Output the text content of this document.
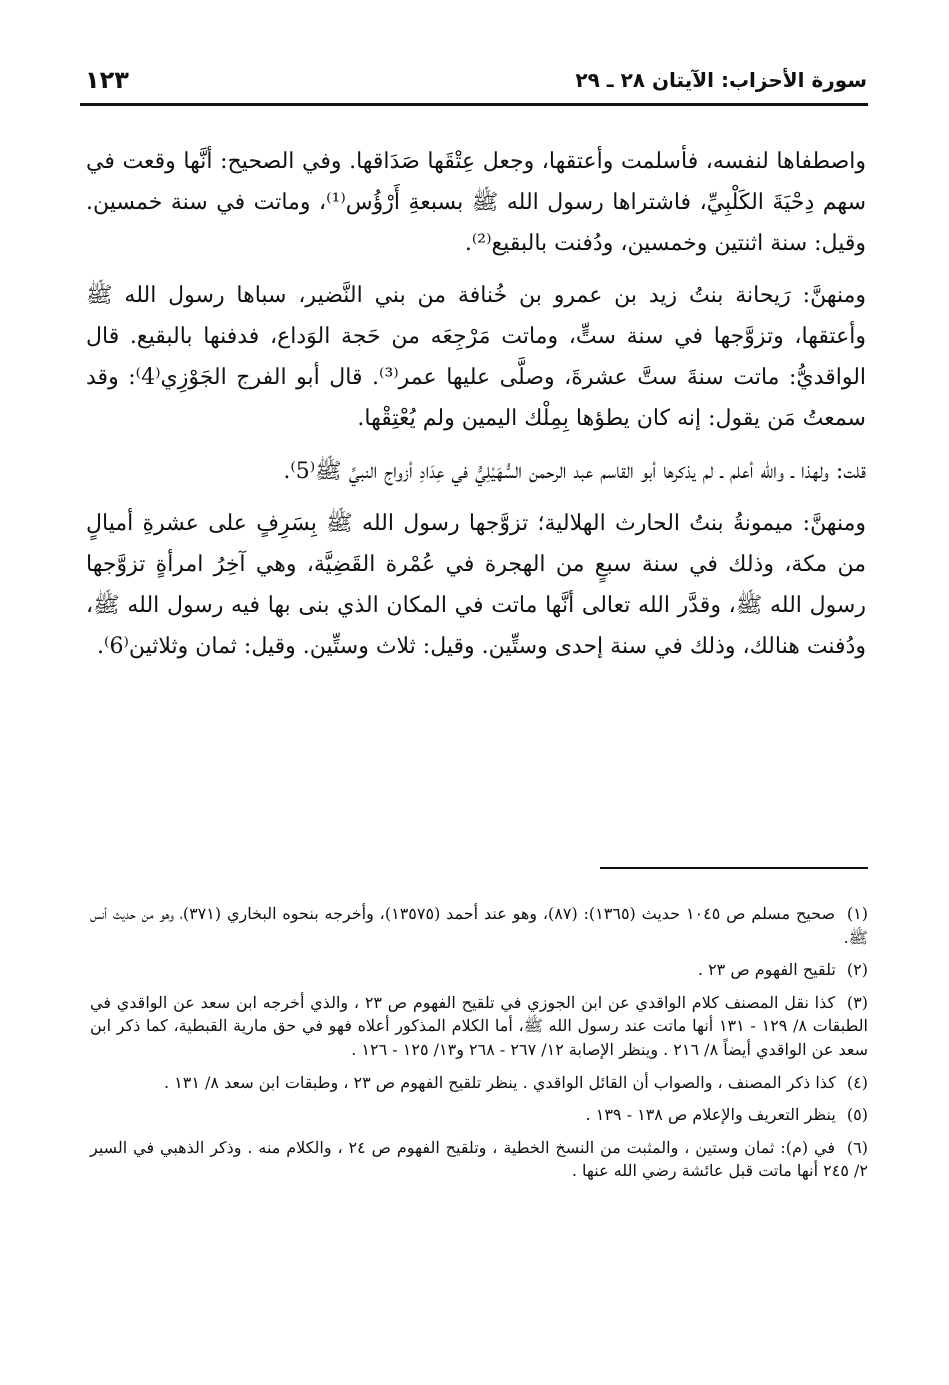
سورة الأحزاب: الآيتان ٢٨ ـ ٢٩
١٢٣

واصطفاها لنفسه، فأسلمت وأعتقها، وجعل عِتْقَها صَدَاقها. وفي الصحيح: أنَّها وقعت في سهم دِحْيَةَ الكَلْبِيِّ، فاشتراها رسول الله ﷺ بسبعةِ أَرْؤُس⁽¹⁾، وماتت في سنة خمسين. وقيل: سنة اثنتين وخمسين، ودُفنت بالبقيع⁽²⁾.

ومنهنَّ: رَيحانة بنتُ زيد بن عمرو بن خُنافة من بني النَّضير، سباها رسول الله ﷺ وأعتقها، وتزوَّجها في سنة ستٍّ، وماتت مَرْجِعَه من حَجة الوَداع، فدفنها بالبقيع. قال الواقديُّ: ماتت سنةَ ستَّ عشرةَ، وصلَّى عليها عمر⁽³⁾. قال أبو الفرج الجَوْزِي⁽4⁾: وقد سمعتُ مَن يقول: إنه كان يطؤها بِمِلْك اليمين ولم يُعْتِقْها.

قلت: ولهذا ـ والله أعلم ـ لم يذكرها أبو القاسم عبد الرحمن السُّهَيْلِيُّ في عِدَادِ أزواج النبيِّ ﷺ⁽5⁾.

ومنهنَّ: ميمونةُ بنتُ الحارث الهلالية؛ تزوَّجها رسول الله ﷺ بِسَرِفٍ على عشرةِ أميالٍ من مكة، وذلك في سنة سبعٍ من الهجرة في عُمْرة القَضِيَّة، وهي آخِرُ امرأةٍ تزوَّجها رسول الله ﷺ، وقدَّر الله تعالى أنَّها ماتت في المكان الذي بنى بها فيه رسول الله ﷺ، ودُفنت هنالك، وذلك في سنة إحدى وستِّين. وقيل: ثلاث وستِّين. وقيل: ثمان وثلاثين⁽6⁾.

(١) صحيح مسلم ص ١٠٤٥ حديث (١٣٦٥): (٨٧)، وهو عند أحمد (١٣٥٧٥)، وأخرجه بنحوه البخاري (٣٧١)، وهو من حديث أنس ﷺ.
(٢) تلقيح الفهوم ص ٢٣ .
(٣) كذا نقل المصنف كلام الواقدي عن ابن الجوزي في تلقيح الفهوم ص ٢٣ ، والذي أخرجه ابن سعد عن الواقدي في الطبقات ٨/ ١٢٩ - ١٣١ أنها ماتت عند رسول الله ﷺ، أما الكلام المذكور أعلاه فهو في حق مارية القبطية، كما ذكر ابن سعد عن الواقدي أيضاً ٨/ ٢١٦ . وينظر الإصابة ١٢/ ٢٦٧ - ٢٦٨ و١٣/ ١٢٥ - ١٢٦ .
(٤) كذا ذكر المصنف ، والصواب أن القائل الواقدي . ينظر تلقيح الفهوم ص ٢٣ ، وطبقات ابن سعد ٨/ ١٣١ .
(٥) ينظر التعريف والإعلام ص ١٣٨ - ١٣٩ .
(٦) في (م): ثمان وستين ، والمثبت من النسخ الخطية ، وتلقيح الفهوم ص ٢٤ ، والكلام منه . وذكر الذهبي في السير ٢/ ٢٤٥ أنها ماتت قبل عائشة رضي الله عنها .
